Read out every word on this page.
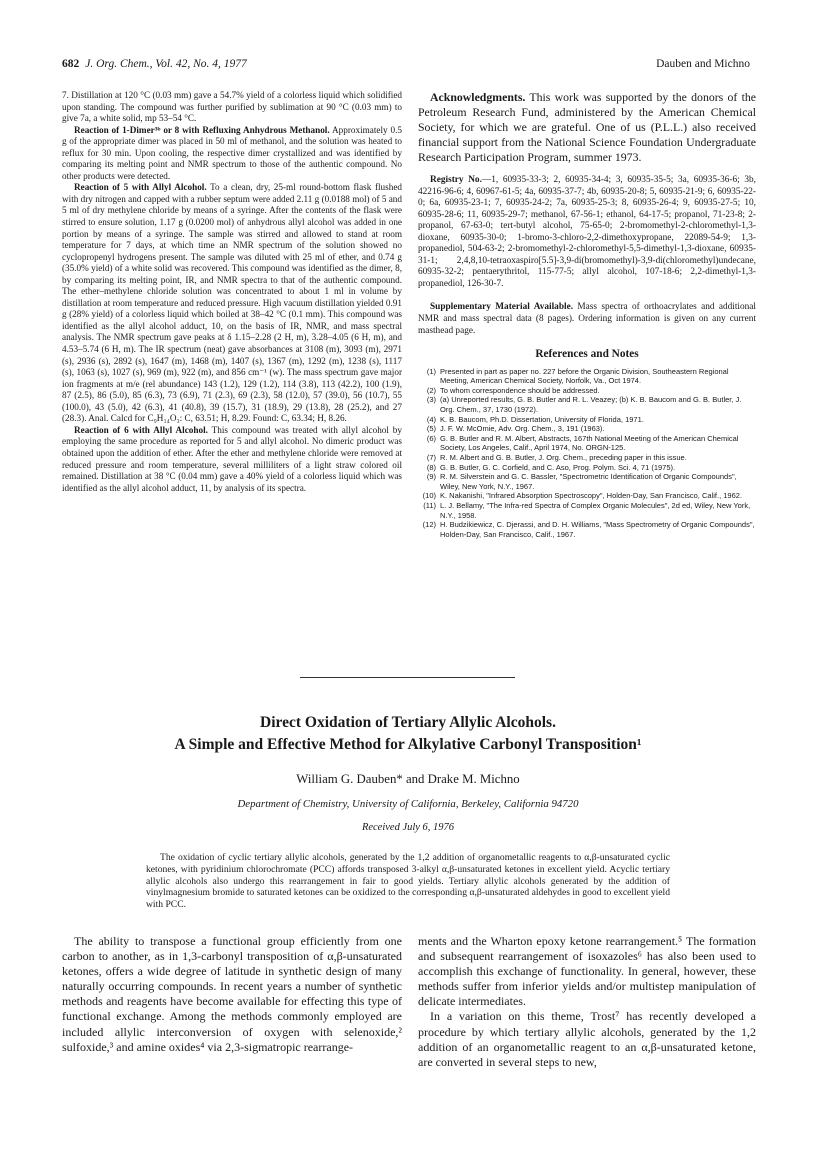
682 J. Org. Chem., Vol. 42, No. 4, 1977	Dauben and Michno

7. Distillation at 120 °C (0.03 mm) gave a 54.7% yield of a colorless liquid which solidified upon standing. The compound was further purified by sublimation at 90 °C (0.03 mm) to give 7a, a white solid, mp 53–54 °C.

Reaction of 1-Dimer³ᵇ or 8 with Refluxing Anhydrous Methanol. Approximately 0.5 g of the appropriate dimer was placed in 50 ml of methanol, and the solution was heated to reflux for 30 min. Upon cooling, the respective dimer crystallized and was identified by comparing its melting point and NMR spectrum to those of the authentic compound. No other products were detected.

Reaction of 5 with Allyl Alcohol. To a clean, dry, 25-ml round-bottom flask flushed with dry nitrogen and capped with a rubber septum were added 2.11 g (0.0188 mol) of 5 and 5 ml of dry methylene chloride by means of a syringe. After the contents of the flask were stirred to ensure solution, 1.17 g (0.0200 mol) of anhydrous allyl alcohol was added in one portion by means of a syringe. The sample was stirred and allowed to stand at room temperature for 7 days, at which time an NMR spectrum of the solution showed no cyclopropenyl hydrogens present. The sample was diluted with 25 ml of ether, and 0.74 g (35.0% yield) of a white solid was recovered. This compound was identified as the dimer, 8, by comparing its melting point, IR, and NMR spectra to that of the authentic compound. The ether–methylene chloride solution was concentrated to about 1 ml in volume by distillation at room temperature and reduced pressure. High vacuum distillation yielded 0.91 g (28% yield) of a colorless liquid which boiled at 38–42 °C (0.1 mm). This compound was identified as the allyl alcohol adduct, 10, on the basis of IR, NMR, and mass spectral analysis. The NMR spectrum gave peaks at δ 1.15–2.28 (2 H, m), 3.28–4.05 (6 H, m), and 4.53–5.74 (6 H, m). The IR spectrum (neat) gave absorbances at 3108 (m), 3093 (m), 2971 (s), 2936 (s), 2892 (s), 1647 (m), 1468 (m), 1407 (s), 1367 (m), 1292 (m), 1238 (s), 1117 (s), 1063 (s), 1027 (s), 969 (m), 922 (m), and 856 cm⁻¹ (w). The mass spectrum gave major ion fragments at m/e (rel abundance) 143 (1.2), 129 (1.2), 114 (3.8), 113 (42.2), 100 (1.9), 87 (2.5), 86 (5.0), 85 (6.3), 73 (6.9), 71 (2.3), 69 (2.3), 58 (12.0), 57 (39.0), 56 (10.7), 55 (100.0), 43 (5.0), 42 (6.3), 41 (40.8), 39 (15.7), 31 (18.9), 29 (13.8), 28 (25.2), and 27 (28.3). Anal. Calcd for C₉H₁₄O₃: C, 63.51; H, 8.29. Found: C, 63.34; H, 8.26.

Reaction of 6 with Allyl Alcohol. This compound was treated with allyl alcohol by employing the same procedure as reported for 5 and allyl alcohol. No dimeric product was obtained upon the addition of ether. After the ether and methylene chloride were removed at reduced pressure and room temperature, several milliliters of a light straw colored oil remained. Distillation at 38 °C (0.04 mm) gave a 40% yield of a colorless liquid which was identified as the allyl alcohol adduct, 11, by analysis of its spectra.

Acknowledgments. This work was supported by the donors of the Petroleum Research Fund, administered by the American Chemical Society, for which we are grateful. One of us (P.L.L.) also received financial support from the National Science Foundation Undergraduate Research Participation Program, summer 1973.

Registry No.—1, 60935-33-3; 2, 60935-34-4; 3, 60935-35-5; 3a, 60935-36-6; 3b, 42216-96-6; 4, 60967-61-5; 4a, 60935-37-7; 4b, 60935-20-8; 5, 60935-21-9; 6, 60935-22-0; 6a, 60935-23-1; 7, 60935-24-2; 7a, 60935-25-3; 8, 60935-26-4; 9, 60935-27-5; 10, 60935-28-6; 11, 60935-29-7; methanol, 67-56-1; ethanol, 64-17-5; propanol, 71-23-8; 2-propanol, 67-63-0; tert-butyl alcohol, 75-65-0; 2-bromomethyl-2-chloromethyl-1,3-dioxane, 60935-30-0; 1-bromo-3-chloro-2,2-dimethoxypropane, 22089-54-9; 1,3-propanediol, 504-63-2; 2-bromomethyl-2-chloromethyl-5,5-dimethyl-1,3-dioxane, 60935-31-1; 2,4,8,10-tetraoxaspiro[5.5]-3,9-di(bromomethyl)-3,9-di(chloromethyl)undecane, 60935-32-2; pentaerythritol, 115-77-5; allyl alcohol, 107-18-6; 2,2-dimethyl-1,3-propanediol, 126-30-7.

Supplementary Material Available. Mass spectra of orthoacrylates and additional NMR and mass spectral data (8 pages). Ordering information is given on any current masthead page.

References and Notes
(1) Presented in part as paper no. 227 before the Organic Division, Southeastern Regional Meeting, American Chemical Society, Norfolk, Va., Oct 1974.
(2) To whom correspondence should be addressed.
(3) (a) Unreported results, G. B. Butler and R. L. Veazey; (b) K. B. Baucom and G. B. Butler, J. Org. Chem., 37, 1730 (1972).
(4) K. B. Baucom, Ph.D. Dissertation, University of Florida, 1971.
(5) J. F. W. McOmie, Adv. Org. Chem., 3, 191 (1963).
(6) G. B. Butler and R. M. Albert, Abstracts, 167th National Meeting of the American Chemical Society, Los Angeles, Calif., April 1974, No. ORGN-125.
(7) R. M. Albert and G. B. Butler, J. Org. Chem., preceding paper in this issue.
(8) G. B. Butler, G. C. Corfield, and C. Aso, Prog. Polym. Sci. 4, 71 (1975).
(9) R. M. Silverstein and G. C. Bassler, "Spectrometric Identification of Organic Compounds", Wiley, New York, N.Y., 1967.
(10) K. Nakanishi, "Infrared Absorption Spectroscopy", Holden-Day, San Francisco, Calif., 1962.
(11) L. J. Bellamy, "The Infra-red Spectra of Complex Organic Molecules", 2d ed, Wiley, New York, N.Y., 1958.
(12) H. Budzikiewicz, C. Djerassi, and D. H. Williams, "Mass Spectrometry of Organic Compounds", Holden-Day, San Francisco, Calif., 1967.
Direct Oxidation of Tertiary Allylic Alcohols.
A Simple and Effective Method for Alkylative Carbonyl Transposition¹
William G. Dauben* and Drake M. Michno
Department of Chemistry, University of California, Berkeley, California 94720
Received July 6, 1976

The oxidation of cyclic tertiary allylic alcohols, generated by the 1,2 addition of organometallic reagents to α,β-unsaturated cyclic ketones, with pyridinium chlorochromate (PCC) affords transposed 3-alkyl α,β-unsaturated ketones in excellent yield. Acyclic tertiary allylic alcohols also undergo this rearrangement in fair to good yields. Tertiary allylic alcohols generated by the addition of vinylmagnesium bromide to saturated ketones can be oxidized to the corresponding α,β-unsaturated aldehydes in good to excellent yield with PCC.

The ability to transpose a functional group efficiently from one carbon to another, as in 1,3-carbonyl transposition of α,β-unsaturated ketones, offers a wide degree of latitude in synthetic design of many naturally occurring compounds. In recent years a number of synthetic methods and reagents have become available for effecting this type of functional exchange. Among the methods commonly employed are included allylic interconversion of oxygen with selenoxide,² sulfoxide,³ and amine oxides⁴ via 2,3-sigmatropic rearrange-

ments and the Wharton epoxy ketone rearrangement.⁵ The formation and subsequent rearrangement of isoxazoles⁶ has also been used to accomplish this exchange of functionality. In general, however, these methods suffer from inferior yields and/or multistep manipulation of delicate intermediates.

In a variation on this theme, Trost⁷ has recently developed a procedure by which tertiary allylic alcohols, generated by the 1,2 addition of an organometallic reagent to an α,β-unsaturated ketone, are converted in several steps to new,
